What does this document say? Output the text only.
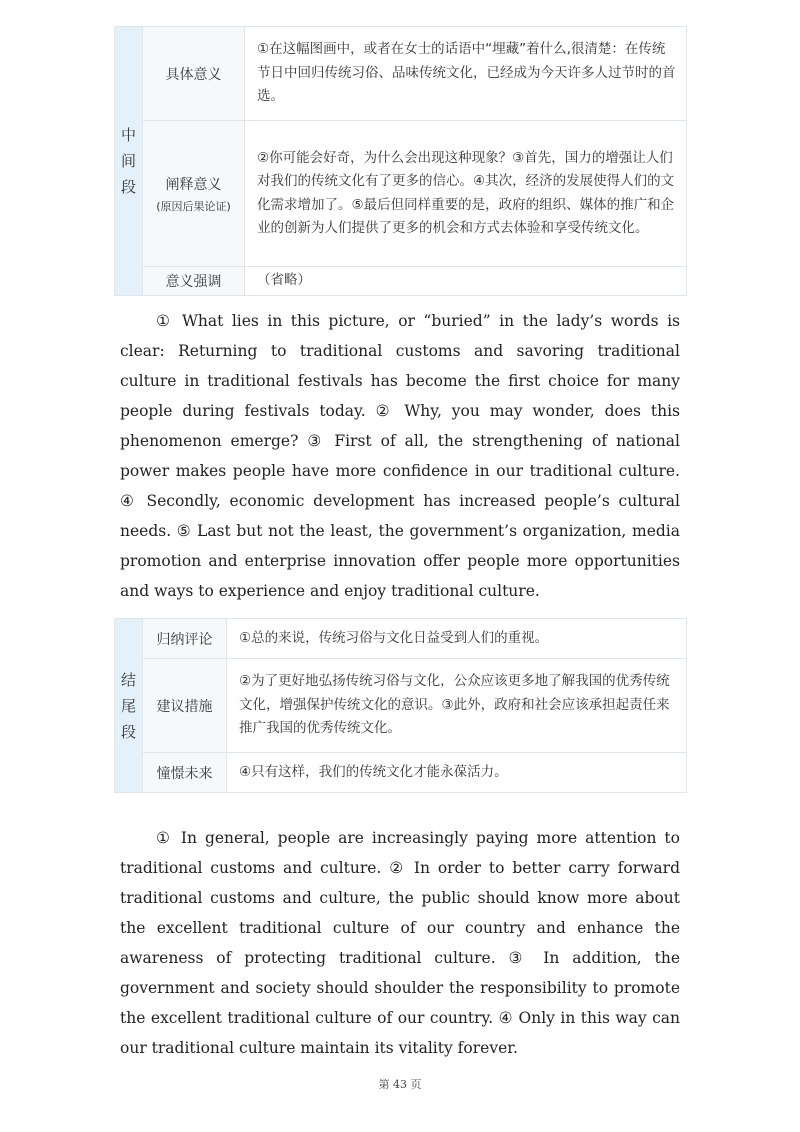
中
间
段	具体意义	①在这幅图画中，或者在女士的话语中“埋藏”着什么,很清楚：在传统节日中回归传统习俗、品味传统文化，已经成为今天许多人过节时的首选。
	阐释意义
(原因后果论证)	②你可能会好奇，为什么会出现这种现象？③首先，国力的增强让人们对我们的传统文化有了更多的信心。④其次，经济的发展使得人们的文化需求增加了。⑤最后但同样重要的是，政府的组织、媒体的推广和企业的创新为人们提供了更多的机会和方式去体验和享受传统文化。
	意义强调	（省略）

① What lies in this picture, or “buried” in the lady’s words is clear: Returning to traditional customs and savoring traditional culture in traditional festivals has become the first choice for many people during festivals today. ② Why, you may wonder, does this phenomenon emerge? ③ First of all, the strengthening of national power makes people have more confidence in our traditional culture. ④ Secondly, economic development has increased people’s cultural needs. ⑤ Last but not the least, the government’s organization, media promotion and enterprise innovation offer people more opportunities and ways to experience and enjoy traditional culture.

结
尾
段	归纳评论	①总的来说，传统习俗与文化日益受到人们的重视。
	建议措施	②为了更好地弘扬传统习俗与文化，公众应该更多地了解我国的优秀传统文化，增强保护传统文化的意识。③此外，政府和社会应该承担起责任来推广我国的优秀传统文化。
	憧憬未来	④只有这样，我们的传统文化才能永葆活力。

① In general, people are increasingly paying more attention to traditional customs and culture. ② In order to better carry forward traditional customs and culture, the public should know more about the excellent traditional culture of our country and enhance the awareness of protecting traditional culture. ③ In addition, the government and society should shoulder the responsibility to promote the excellent traditional culture of our country. ④ Only in this way can our traditional culture maintain its vitality forever.

第 43 页
